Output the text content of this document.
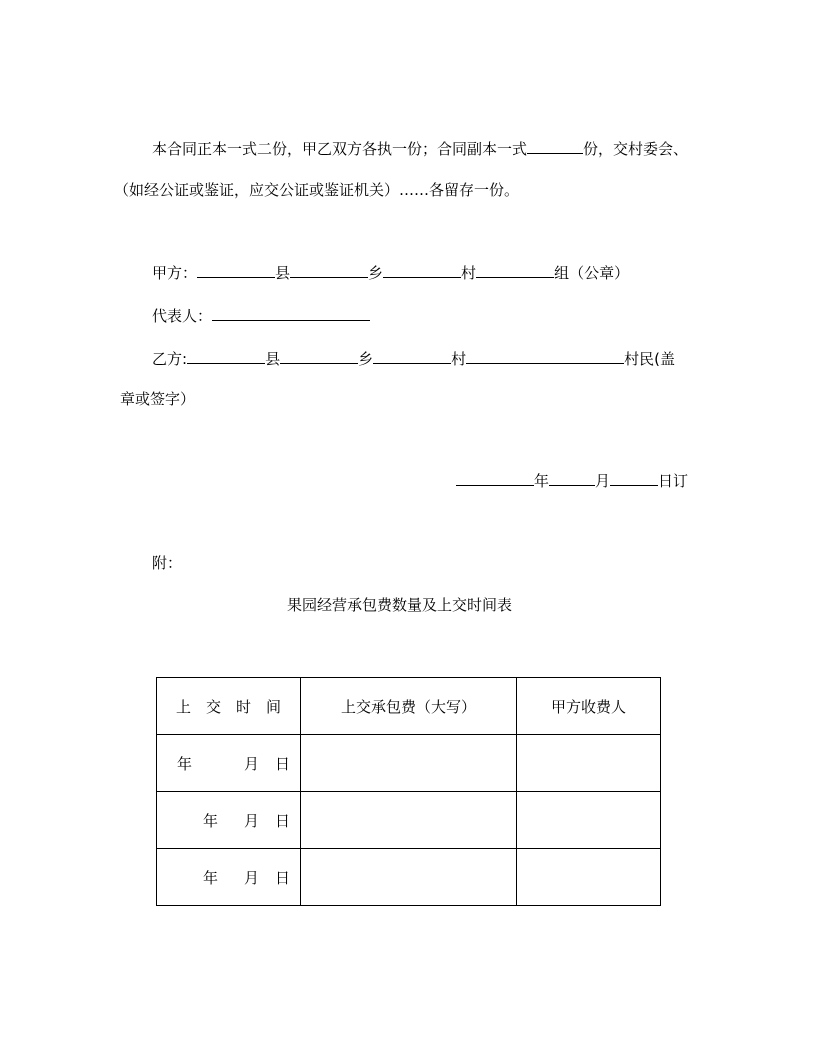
本合同正本一式二份，甲乙双方各执一份；合同副本一式	份，交村委会、
（如经公证或鉴证，应交公证或鉴证机关）……各留存一份。
甲方：	县	乡	村	组（公章）
代表人：
乙方:	县	乡	村	村民(盖
章或签字）
年	月	日订
附：
果园经营承包费数量及上交时间表
上　交　时　间	上交承包费（大写）	甲方收费人
年 月 日		
年 月 日		
年 月 日		
